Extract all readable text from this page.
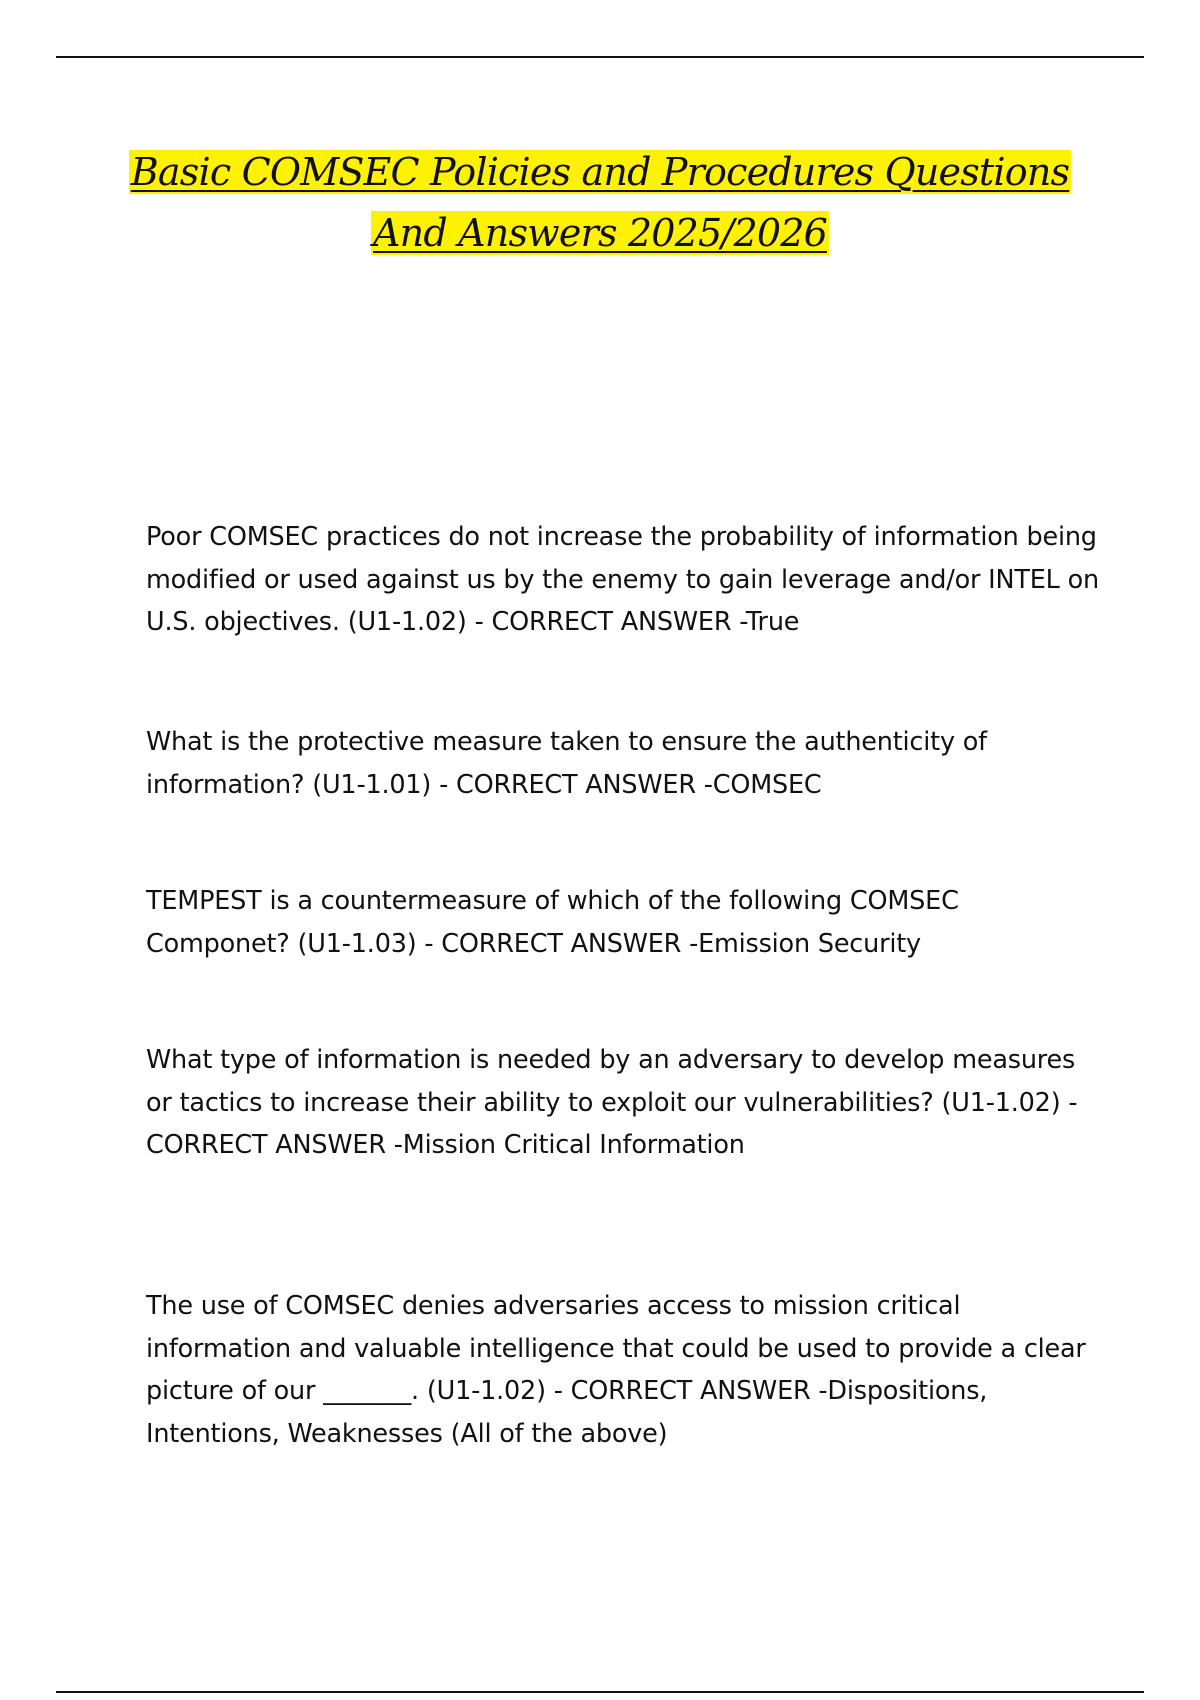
Basic COMSEC Policies and Procedures Questions And Answers 2025/2026

Poor COMSEC practices do not increase the probability of information being modified or used against us by the enemy to gain leverage and/or INTEL on U.S. objectives. (U1-1.02) - CORRECT ANSWER -True

What is the protective measure taken to ensure the authenticity of information? (U1-1.01) - CORRECT ANSWER -COMSEC

TEMPEST is a countermeasure of which of the following COMSEC Componet? (U1-1.03) - CORRECT ANSWER -Emission Security

What type of information is needed by an adversary to develop measures or tactics to increase their ability to exploit our vulnerabilities? (U1-1.02) - CORRECT ANSWER -Mission Critical Information

The use of COMSEC denies adversaries access to mission critical information and valuable intelligence that could be used to provide a clear picture of our _______. (U1-1.02) - CORRECT ANSWER -Dispositions, Intentions, Weaknesses (All of the above)
